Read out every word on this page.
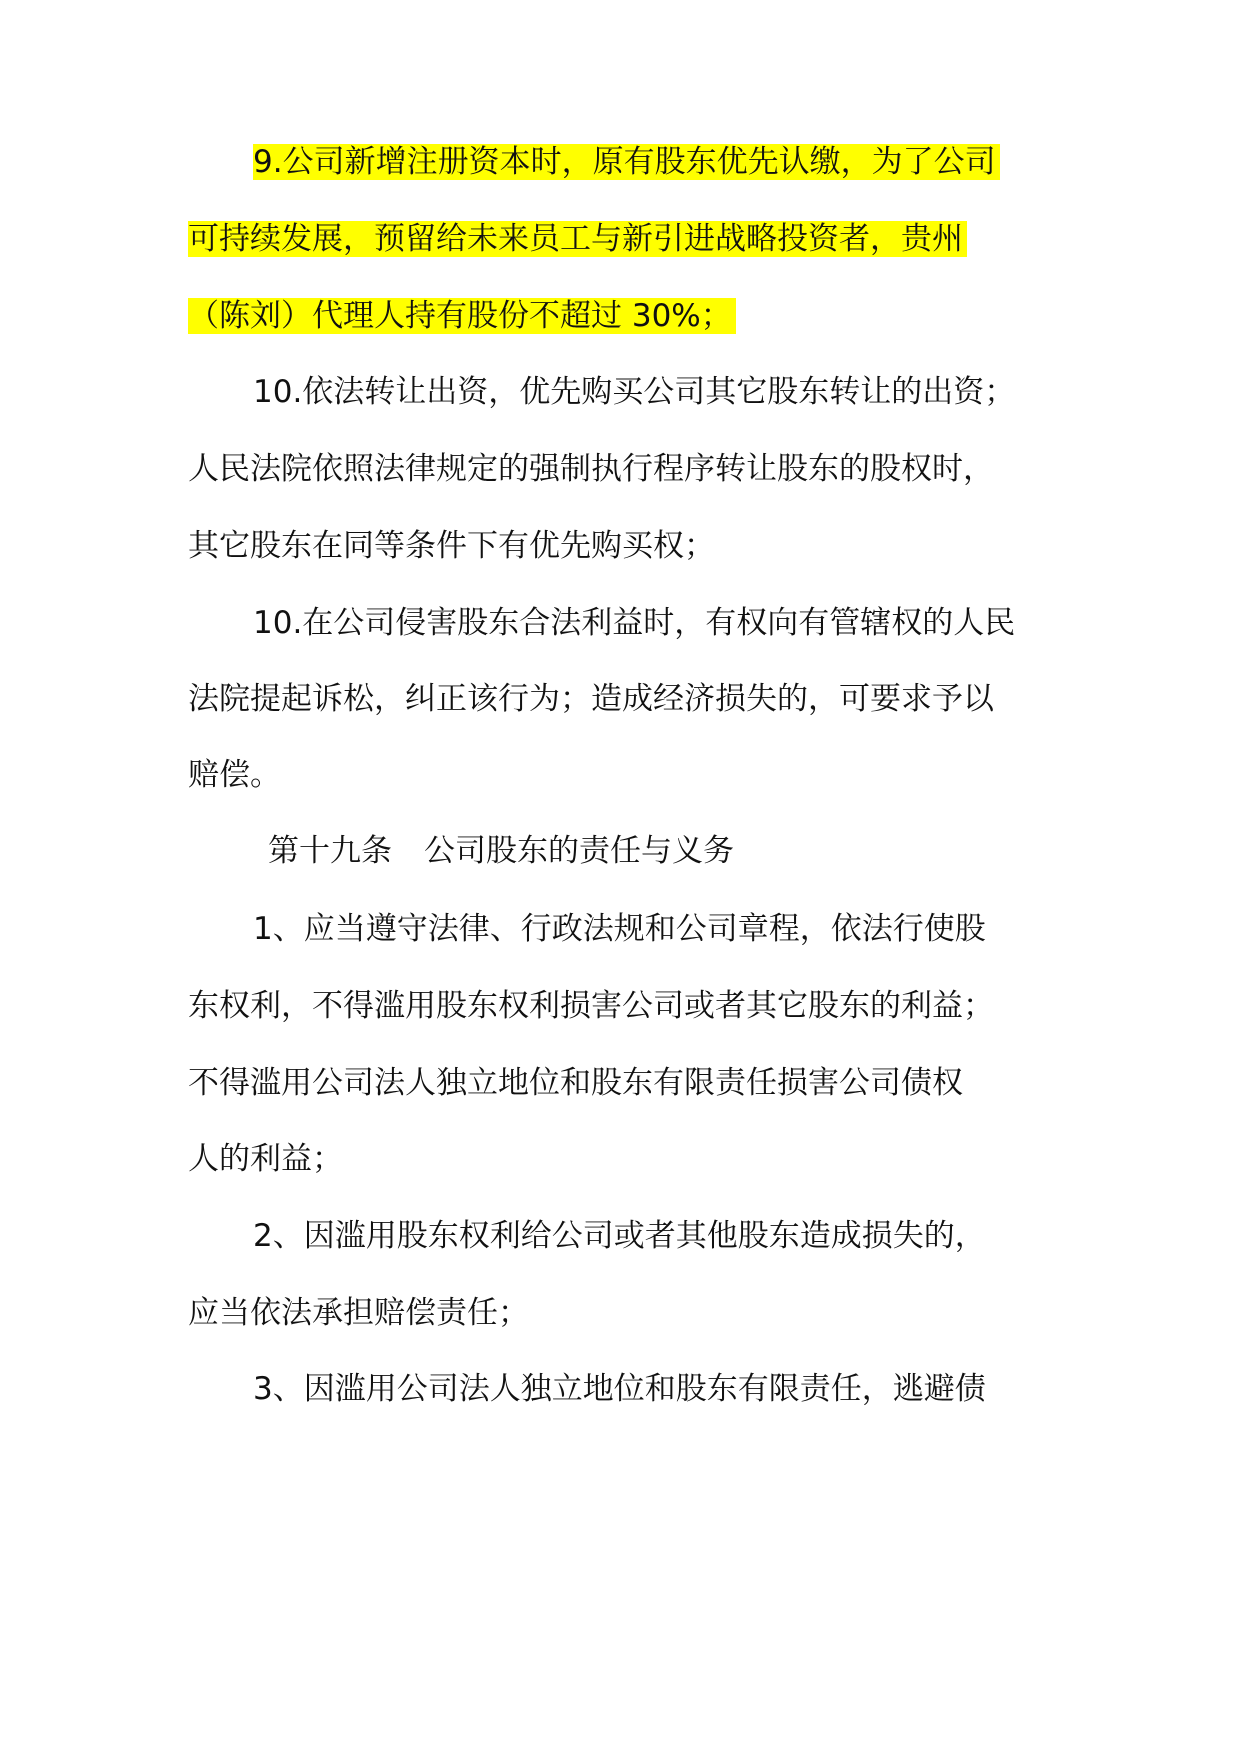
9.公司新增注册资本时，原有股东优先认缴，为了公司
可持续发展，预留给未来员工与新引进战略投资者，贵州
（陈刘）代理人持有股份不超过 30%；
10.依法转让出资，优先购买公司其它股东转让的出资；
人民法院依照法律规定的强制执行程序转让股东的股权时，
其它股东在同等条件下有优先购买权；
10.在公司侵害股东合法利益时，有权向有管辖权的人民
法院提起诉松，纠正该行为；造成经济损失的，可要求予以
赔偿。
第十九条 公司股东的责任与义务
1、应当遵守法律、行政法规和公司章程，依法行使股
东权利，不得滥用股东权利损害公司或者其它股东的利益；
不得滥用公司法人独立地位和股东有限责任损害公司债权
人的利益；
2、因滥用股东权利给公司或者其他股东造成损失的，
应当依法承担赔偿责任；
3、因滥用公司法人独立地位和股东有限责任，逃避债
